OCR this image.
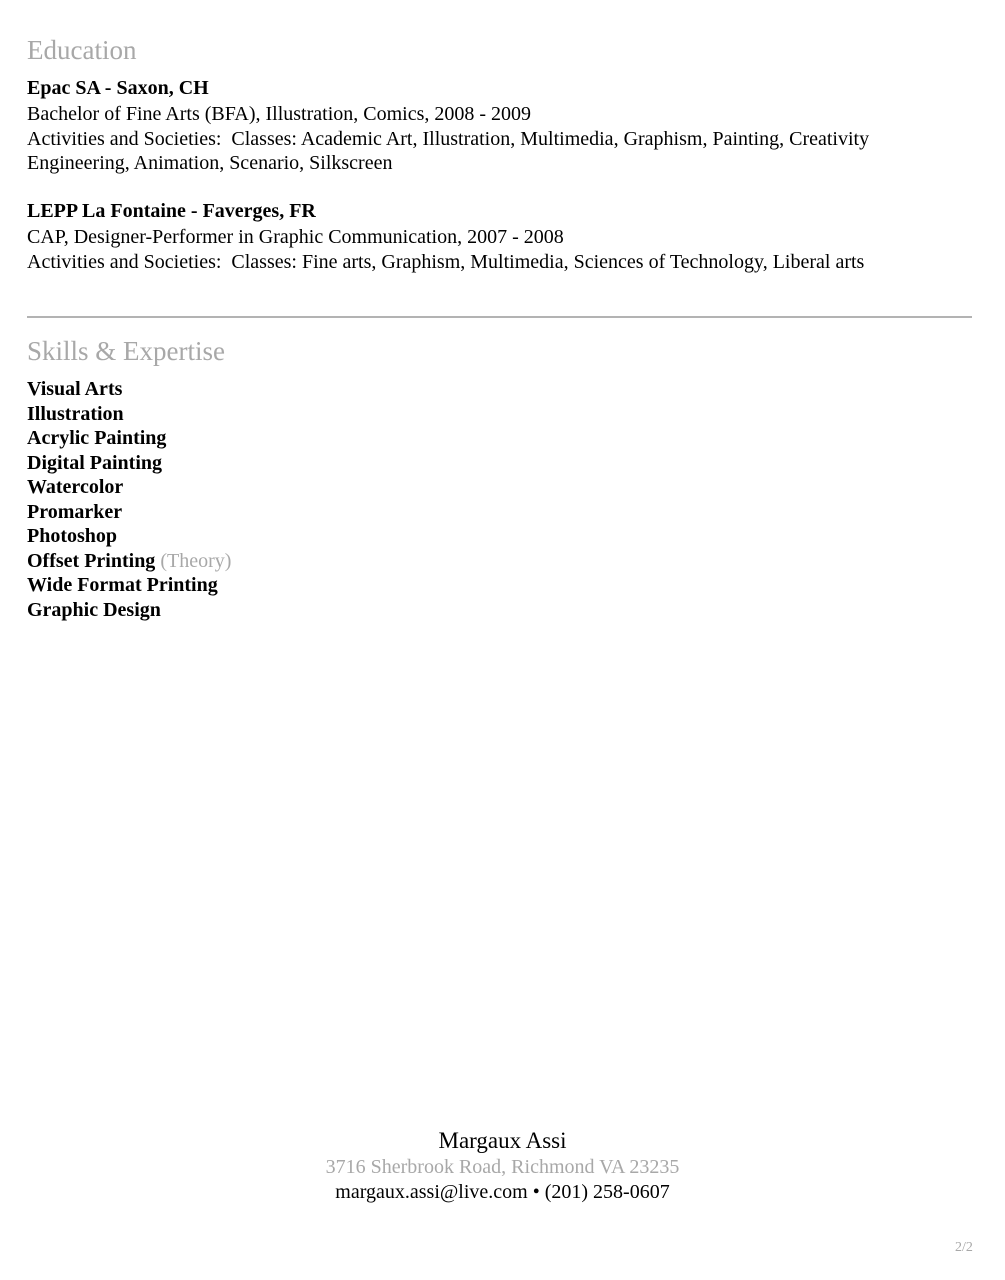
Education
Epac SA - Saxon, CH
Bachelor of Fine Arts (BFA), Illustration, Comics, 2008 - 2009
Activities and Societies:  Classes: Academic Art, Illustration, Multimedia, Graphism, Painting, Creativity Engineering, Animation, Scenario, Silkscreen
LEPP La Fontaine - Faverges, FR
CAP, Designer-Performer in Graphic Communication, 2007 - 2008
Activities and Societies:  Classes: Fine arts, Graphism, Multimedia, Sciences of Technology, Liberal arts
Skills & Expertise
Visual Arts
Illustration
Acrylic Painting
Digital Painting
Watercolor
Promarker
Photoshop
Offset Printing (Theory)
Wide Format Printing
Graphic Design
Margaux Assi
3716 Sherbrook Road, Richmond VA 23235
margaux.assi@live.com • (201) 258-0607
2/2
